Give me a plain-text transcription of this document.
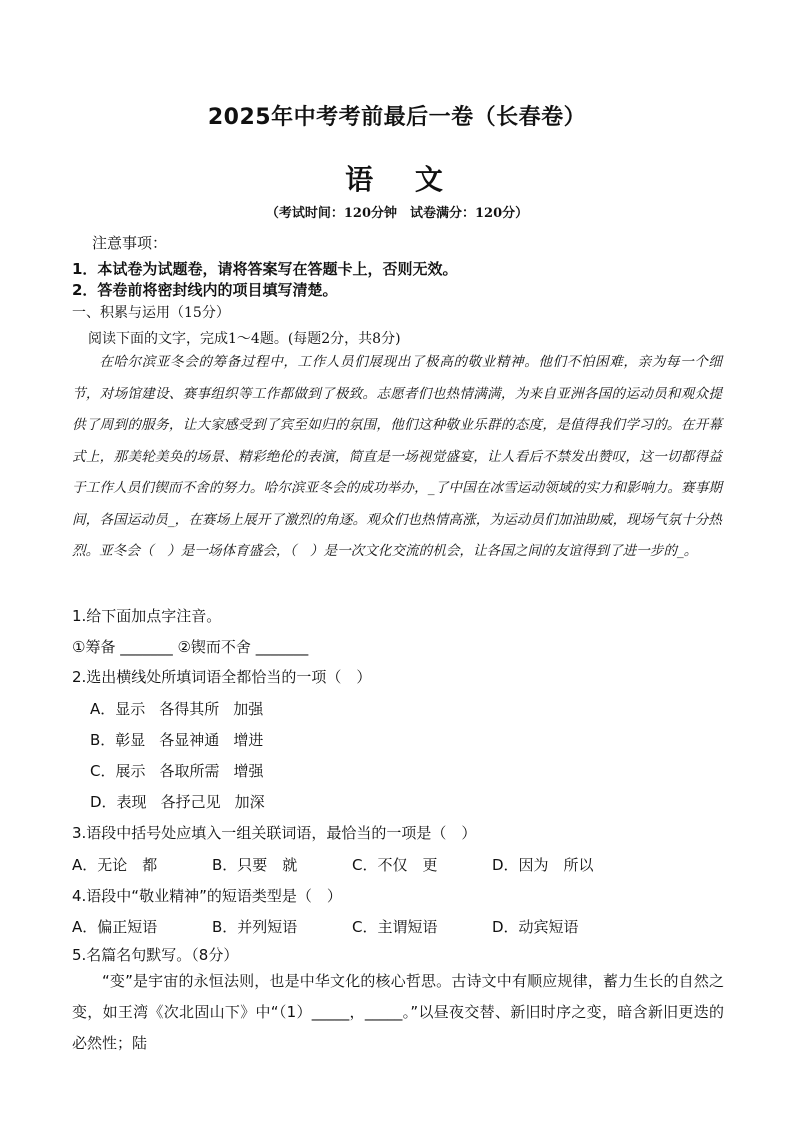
2025年中考考前最后一卷（长春卷）
语 文
（考试时间：120分钟　试卷满分：120分）
注意事项：
1．本试卷为试题卷，请将答案写在答题卡上，否则无效。
2．答卷前将密封线内的项目填写清楚。
一、积累与运用（15分）
阅读下面的文字，完成1～4题。(每题2分，共8分)
在哈尔滨亚冬会的筹备过程中，工作人员们展现出了极高的敬业精神。他们不怕困难，亲为每一个细节，对场馆建设、赛事组织等工作都做到了极致。志愿者们也热情满满，为来自亚洲各国的运动员和观众提供了周到的服务，让大家感受到了宾至如归的氛围，他们这种敬业乐群的态度，是值得我们学习的。在开幕式上，那美轮美奂的场景、精彩绝伦的表演，简直是一场视觉盛宴，让人看后不禁发出赞叹，这一切都得益于工作人员们锲而不舍的努力。哈尔滨亚冬会的成功举办，_了中国在冰雪运动领域的实力和影响力。赛事期间，各国运动员_，在赛场上展开了激烈的角逐。观众们也热情高涨，为运动员们加油助威，现场气氛十分热烈。亚冬会（　）是一场体育盛会，（　）是一次文化交流的机会，让各国之间的友谊得到了进一步的_。
1.给下面加点字注音。
①筹备 _______ ②锲而不舍 _______
2.选出横线处所填词语全都恰当的一项（　）
A．显示 各得其所 加强
B．彰显 各显神通 增进
C．展示 各取所需 增强
D．表现 各抒己见 加深
3.语段中括号处应填入一组关联词语，最恰当的一项是（　）
A．无论　都	B．只要　就	C．不仅　更	D．因为　所以
4.语段中“敬业精神”的短语类型是（　）
A．偏正短语	B．并列短语	C．主谓短语	D．动宾短语
5.名篇名句默写。（8分）
“变”是宇宙的永恒法则，也是中华文化的核心哲思。古诗文中有顺应规律，蓄力生长的自然之变，如王湾《次北固山下》中“（1）_____，_____。”以昼夜交替、新旧时序之变，暗含新旧更迭的必然性；陆
